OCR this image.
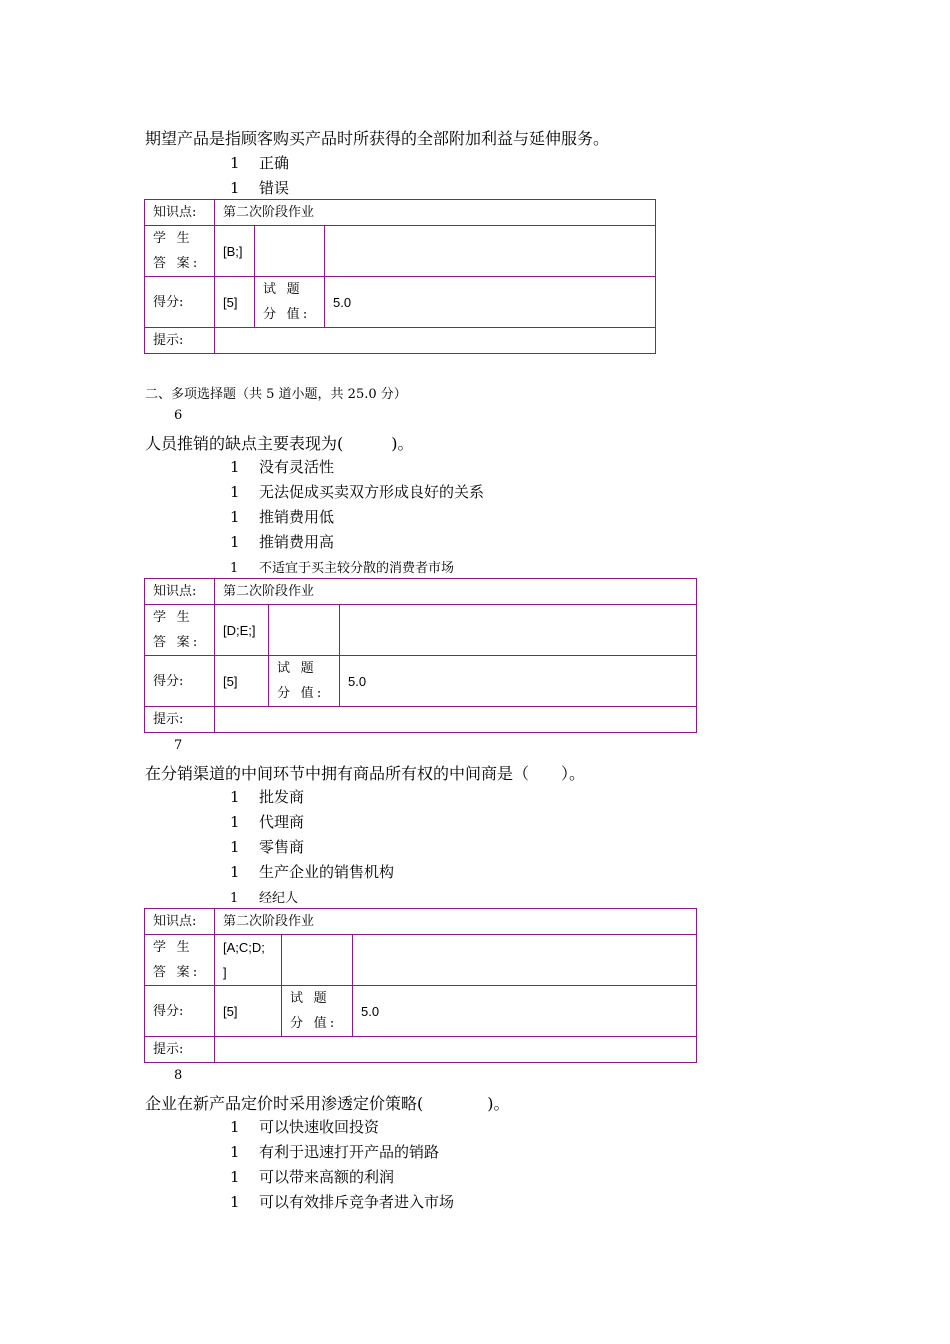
期望产品是指顾客购买产品时所获得的全部附加利益与延伸服务。
1 正确
1 错误
知识点:	第二次阶段作业		
学 生 答 案:	[B;]		
得分:	[5]	试 题 分 值:	5.0
提示:			
二、多项选择题（共 5 道小题，共 25.0 分）
6
人员推销的缺点主要表现为(　　　)。
1 没有灵活性
1 无法促成买卖双方形成良好的关系
1 推销费用低
1 推销费用高
1 不适宜于买主较分散的消费者市场
知识点:	第二次阶段作业		
学 生 答 案:	[D;E;]		
得分:	[5]	试 题 分 值:	5.0
提示:			
7
在分销渠道的中间环节中拥有商品所有权的中间商是（　　）。
1 批发商
1 代理商
1 零售商
1 生产企业的销售机构
1 经纪人
知识点:	第二次阶段作业		
学 生 答 案:	[A;C;D;
]		
得分:	[5]	试 题 分 值:	5.0
提示:			
8
企业在新产品定价时采用渗透定价策略(　　　　)。
1 可以快速收回投资
1 有利于迅速打开产品的销路
1 可以带来高额的利润
1 可以有效排斥竞争者进入市场
